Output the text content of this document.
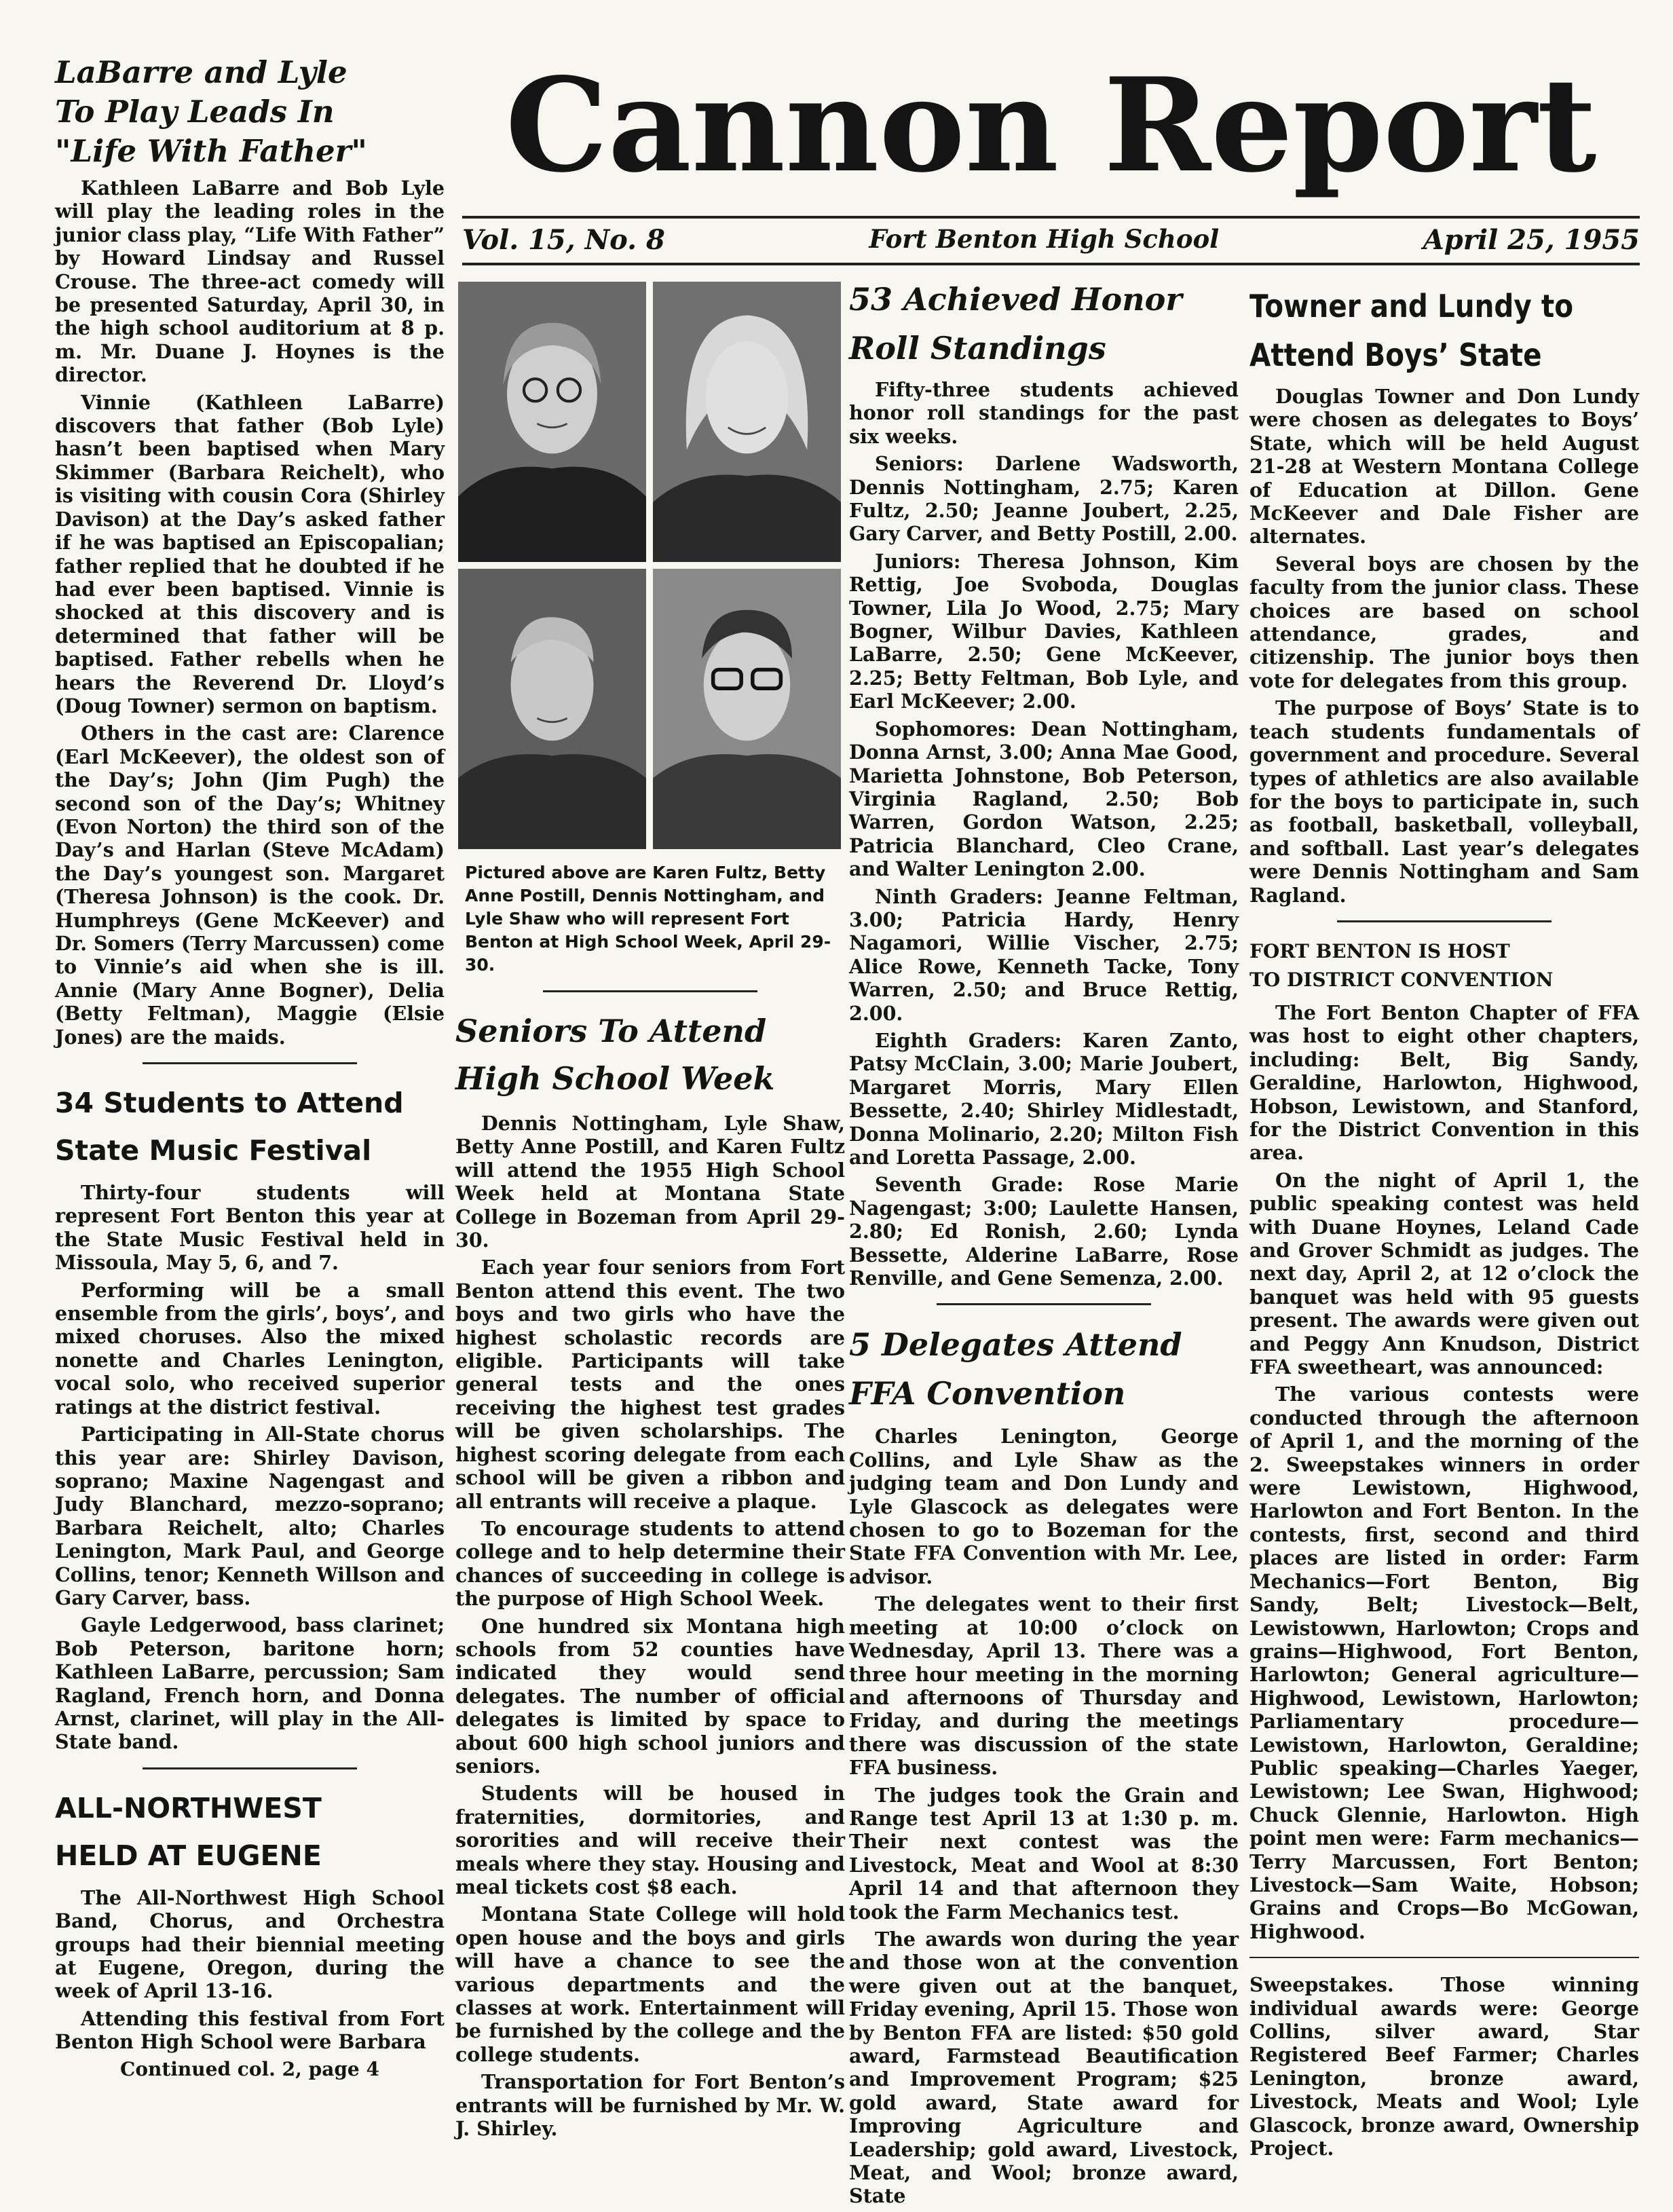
Cannon Report
Vol. 15, No. 8	Fort Benton High School	April 25, 1955
LaBarre and Lyle
To Play Leads In
"Life With Father"

Kathleen LaBarre and Bob Lyle will play the leading roles in the junior class play, “Life With Father” by Howard Lindsay and Russel Crouse. The three-act comedy will be presented Saturday, April 30, in the high school auditorium at 8 p. m. Mr. Duane J. Hoynes is the director.

Vinnie (Kathleen LaBarre) discovers that father (Bob Lyle) hasn’t been baptised when Mary Skimmer (Barbara Reichelt), who is visiting with cousin Cora (Shirley Davison) at the Day’s asked father if he was baptised an Episcopalian; father replied that he doubted if he had ever been baptised. Vinnie is shocked at this discovery and is determined that father will be baptised. Father rebells when he hears the Reverend Dr. Lloyd’s (Doug Towner) sermon on baptism.

Others in the cast are: Clarence (Earl McKeever), the oldest son of the Day’s; John (Jim Pugh) the second son of the Day’s; Whitney (Evon Norton) the third son of the Day’s and Harlan (Steve McAdam) the Day’s youngest son. Margaret (Theresa Johnson) is the cook. Dr. Humphreys (Gene McKeever) and Dr. Somers (Terry Marcussen) come to Vinnie’s aid when she is ill. Annie (Mary Anne Bogner), Delia (Betty Feltman), Maggie (Elsie Jones) are the maids.

34 Students to Attend
State Music Festival

Thirty-four students will represent Fort Benton this year at the State Music Festival held in Missoula, May 5, 6, and 7.

Performing will be a small ensemble from the girls’, boys’, and mixed choruses. Also the mixed nonette and Charles Lenington, vocal solo, who received superior ratings at the district festival.

Participating in All-State chorus this year are: Shirley Davison, soprano; Maxine Nagengast and Judy Blanchard, mezzo-soprano; Barbara Reichelt, alto; Charles Lenington, Mark Paul, and George Collins, tenor; Kenneth Willson and Gary Carver, bass.

Gayle Ledgerwood, bass clarinet; Bob Peterson, baritone horn; Kathleen LaBarre, percussion; Sam Ragland, French horn, and Donna Arnst, clarinet, will play in the All-State band.

ALL-NORTHWEST
HELD AT EUGENE

The All-Northwest High School Band, Chorus, and Orchestra groups had their biennial meeting at Eugene, Oregon, during the week of April 13-16.

Attending this festival from Fort Benton High School were Barbara

Continued col. 2, page 4
Pictured above are Karen Fultz, Betty Anne Postill, Dennis Nottingham, and Lyle Shaw who will represent Fort Benton at High School Week, April 29-30.
Seniors To Attend
High School Week

Dennis Nottingham, Lyle Shaw, Betty Anne Postill, and Karen Fultz will attend the 1955 High School Week held at Montana State College in Bozeman from April 29-30.

Each year four seniors from Fort Benton attend this event. The two boys and two girls who have the highest scholastic records are eligible. Participants will take general tests and the ones receiving the highest test grades will be given scholarships. The highest scoring delegate from each school will be given a ribbon and all entrants will receive a plaque.

To encourage students to attend college and to help determine their chances of succeeding in college is the purpose of High School Week.

One hundred six Montana high schools from 52 counties have indicated they would send delegates. The number of official delegates is limited by space to about 600 high school juniors and seniors.

Students will be housed in fraternities, dormitories, and sororities and will receive their meals where they stay. Housing and meal tickets cost $8 each.

Montana State College will hold open house and the boys and girls will have a chance to see the various departments and the classes at work. Entertainment will be furnished by the college and the college students.

Transportation for Fort Benton’s entrants will be furnished by Mr. W. J. Shirley.

53 Achieved Honor
Roll Standings

Fifty-three students achieved honor roll standings for the past six weeks.

Seniors: Darlene Wadsworth, Dennis Nottingham, 2.75; Karen Fultz, 2.50; Jeanne Joubert, 2.25, Gary Carver, and Betty Postill, 2.00.

Juniors: Theresa Johnson, Kim Rettig, Joe Svoboda, Douglas Towner, Lila Jo Wood, 2.75; Mary Bogner, Wilbur Davies, Kathleen LaBarre, 2.50; Gene McKeever, 2.25; Betty Feltman, Bob Lyle, and Earl McKeever; 2.00.

Sophomores: Dean Nottingham, Donna Arnst, 3.00; Anna Mae Good, Marietta Johnstone, Bob Peterson, Virginia Ragland, 2.50; Bob Warren, Gordon Watson, 2.25; Patricia Blanchard, Cleo Crane, and Walter Lenington 2.00.

Ninth Graders: Jeanne Feltman, 3.00; Patricia Hardy, Henry Nagamori, Willie Vischer, 2.75; Alice Rowe, Kenneth Tacke, Tony Warren, 2.50; and Bruce Rettig, 2.00.

Eighth Graders: Karen Zanto, Patsy McClain, 3.00; Marie Joubert, Margaret Morris, Mary Ellen Bessette, 2.40; Shirley Midlestadt, Donna Molinario, 2.20; Milton Fish and Loretta Passage, 2.00.

Seventh Grade: Rose Marie Nagengast; 3:00; Laulette Hansen, 2.80; Ed Ronish, 2.60; Lynda Bessette, Alderine LaBarre, Rose Renville, and Gene Semenza, 2.00.

5 Delegates Attend
FFA Convention

Charles Lenington, George Collins, and Lyle Shaw as the judging team and Don Lundy and Lyle Glascock as delegates were chosen to go to Bozeman for the State FFA Convention with Mr. Lee, advisor.

The delegates went to their first meeting at 10:00 o’clock on Wednesday, April 13. There was a three hour meeting in the morning and afternoons of Thursday and Friday, and during the meetings there was discussion of the state FFA business.

The judges took the Grain and Range test April 13 at 1:30 p. m. Their next contest was the Livestock, Meat and Wool at 8:30 April 14 and that afternoon they took the Farm Mechanics test.

The awards won during the year and those won at the convention were given out at the banquet, Friday evening, April 15. Those won by Benton FFA are listed: $50 gold award, Farmstead Beautification and Improvement Program; $25 gold award, State award for Improving Agriculture and Leadership; gold award, Livestock, Meat, and Wool; bronze award, State

Towner and Lundy to
Attend Boys’ State

Douglas Towner and Don Lundy were chosen as delegates to Boys’ State, which will be held August 21-28 at Western Montana College of Education at Dillon. Gene McKeever and Dale Fisher are alternates.

Several boys are chosen by the faculty from the junior class. These choices are based on school attendance, grades, and citizenship. The junior boys then vote for delegates from this group.

The purpose of Boys’ State is to teach students fundamentals of government and procedure. Several types of athletics are also available for the boys to participate in, such as football, basketball, volleyball, and softball. Last year’s delegates were Dennis Nottingham and Sam Ragland.

FORT BENTON IS HOST
TO DISTRICT CONVENTION

The Fort Benton Chapter of FFA was host to eight other chapters, including: Belt, Big Sandy, Geraldine, Harlowton, Highwood, Hobson, Lewistown, and Stanford, for the District Convention in this area.

On the night of April 1, the public speaking contest was held with Duane Hoynes, Leland Cade and Grover Schmidt as judges. The next day, April 2, at 12 o’clock the banquet was held with 95 guests present. The awards were given out and Peggy Ann Knudson, District FFA sweetheart, was announced:

The various contests were conducted through the afternoon of April 1, and the morning of the 2. Sweepstakes winners in order were Lewistown, Highwood, Harlowton and Fort Benton. In the contests, first, second and third places are listed in order: Farm Mechanics—Fort Benton, Big Sandy, Belt; Livestock—Belt, Lewistowwn, Harlowton; Crops and grains—Highwood, Fort Benton, Harlowton; General agriculture—Highwood, Lewistown, Harlowton; Parliamentary procedure—Lewistown, Harlowton, Geraldine; Public speaking—Charles Yaeger, Lewistown; Lee Swan, Highwood; Chuck Glennie, Harlowton. High point men were: Farm mechanics—Terry Marcussen, Fort Benton; Livestock—Sam Waite, Hobson; Grains and Crops—Bo McGowan, Highwood.

Sweepstakes. Those winning individual awards were: George Collins, silver award, Star Registered Beef Farmer; Charles Lenington, bronze award, Livestock, Meats and Wool; Lyle Glascock, bronze award, Ownership Project.
